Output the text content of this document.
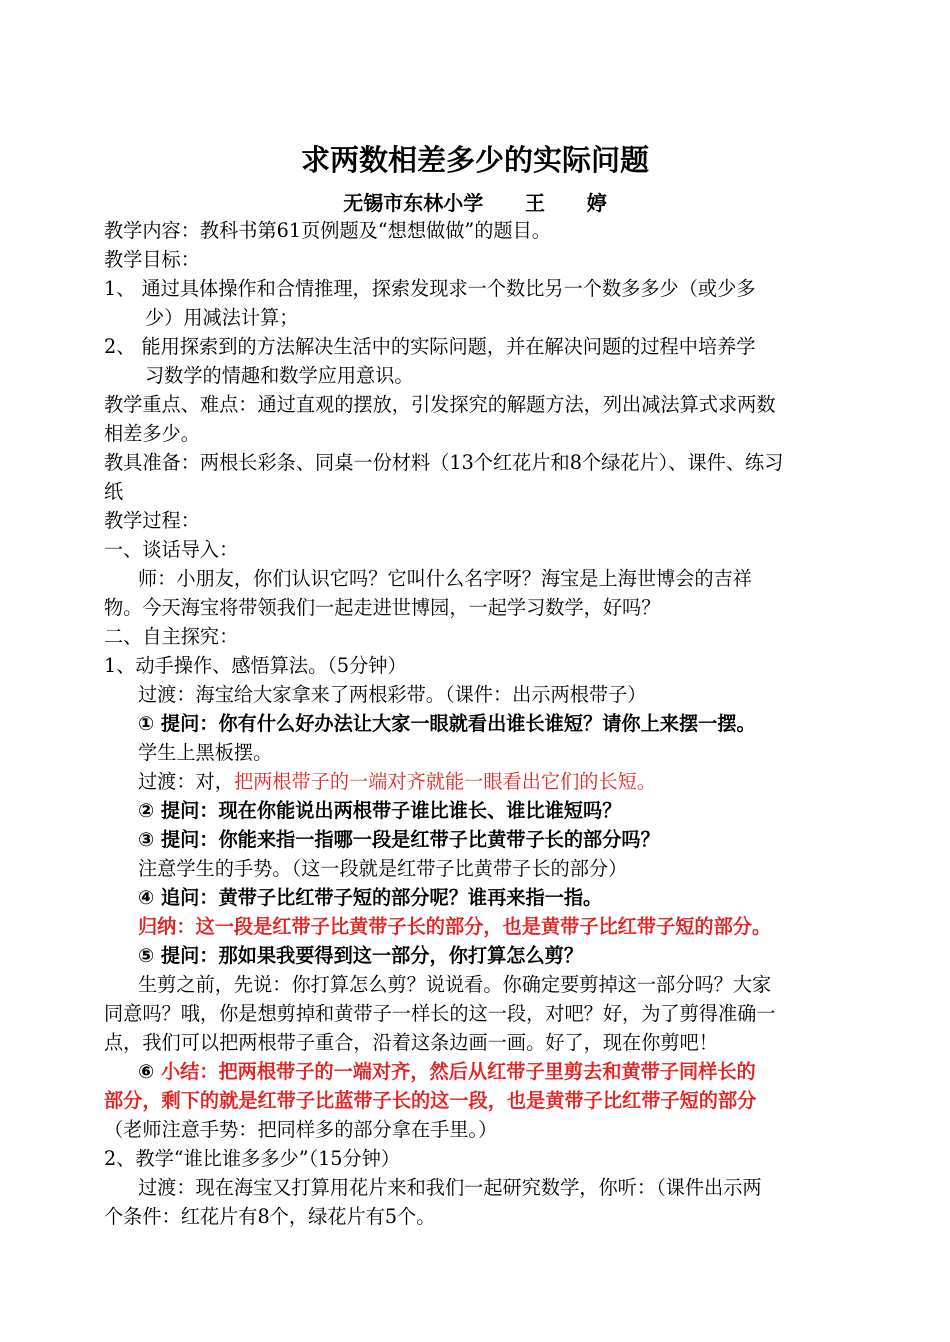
求两数相差多少的实际问题
无锡市东林小学      王      婷
教学内容：教科书第61页例题及“想想做做”的题目。
教学目标：
1、 通过具体操作和合情推理，探索发现求一个数比另一个数多多少（或少多
少）用减法计算；
2、 能用探索到的方法解决生活中的实际问题，并在解决问题的过程中培养学
习数学的情趣和数学应用意识。
教学重点、难点：通过直观的摆放，引发探究的解题方法，列出减法算式求两数
相差多少。
教具准备：两根长彩条、同桌一份材料（13个红花片和8个绿花片）、课件、练习
纸
教学过程：
一、谈话导入：
师：小朋友，你们认识它吗？它叫什么名字呀？海宝是上海世博会的吉祥
物。今天海宝将带领我们一起走进世博园，一起学习数学，好吗？
二、自主探究：
1、动手操作、感悟算法。（5分钟）
过渡：海宝给大家拿来了两根彩带。（课件：出示两根带子）
① 提问：你有什么好办法让大家一眼就看出谁长谁短？请你上来摆一摆。
学生上黑板摆。
过渡：对，把两根带子的一端对齐就能一眼看出它们的长短。
② 提问：现在你能说出两根带子谁比谁长、谁比谁短吗？
③ 提问：你能来指一指哪一段是红带子比黄带子长的部分吗？
注意学生的手势。（这一段就是红带子比黄带子长的部分）
④ 追问：黄带子比红带子短的部分呢？谁再来指一指。
归纳：这一段是红带子比黄带子长的部分，也是黄带子比红带子短的部分。
⑤ 提问：那如果我要得到这一部分，你打算怎么剪？
生剪之前，先说：你打算怎么剪？说说看。你确定要剪掉这一部分吗？大家
同意吗？哦，你是想剪掉和黄带子一样长的这一段，对吧？好，为了剪得准确一
点，我们可以把两根带子重合，沿着这条边画一画。好了，现在你剪吧！
⑥ 小结：把两根带子的一端对齐，然后从红带子里剪去和黄带子同样长的
部分，剩下的就是红带子比蓝带子长的这一段，也是黄带子比红带子短的部分
（老师注意手势：把同样多的部分拿在手里。）
2、教学“谁比谁多多少”（15分钟）
过渡：现在海宝又打算用花片来和我们一起研究数学，你听：（课件出示两
个条件：红花片有8个，绿花片有5个。
